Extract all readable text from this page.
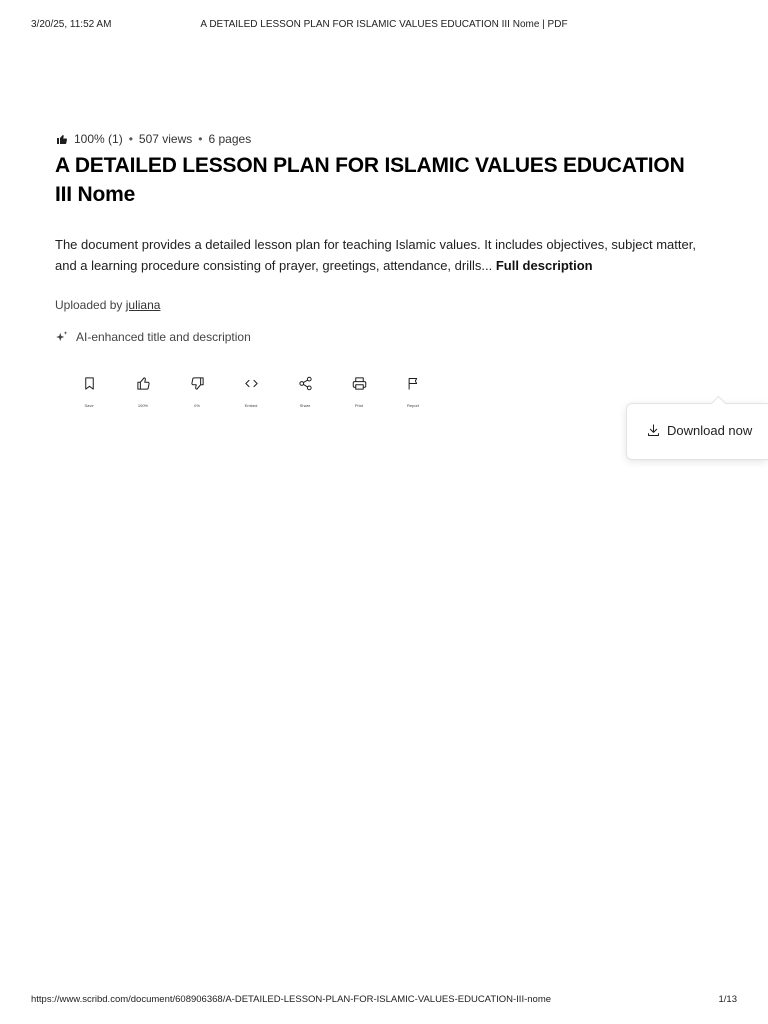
3/20/25, 11:52 AM	A DETAILED LESSON PLAN FOR ISLAMIC VALUES EDUCATION III Nome | PDF
100% (1) • 507 views • 6 pages
A DETAILED LESSON PLAN FOR ISLAMIC VALUES EDUCATION III Nome

The document provides a detailed lesson plan for teaching Islamic values. It includes objectives, subject matter, and a learning procedure consisting of prayer, greetings, attendance, drills... Full description

Uploaded by juliana
AI-enhanced title and description
Save	100%	0%	Embed	Share	Print	Report
Download now
https://www.scribd.com/document/608906368/A-DETAILED-LESSON-PLAN-FOR-ISLAMIC-VALUES-EDUCATION-III-nome	1/13
